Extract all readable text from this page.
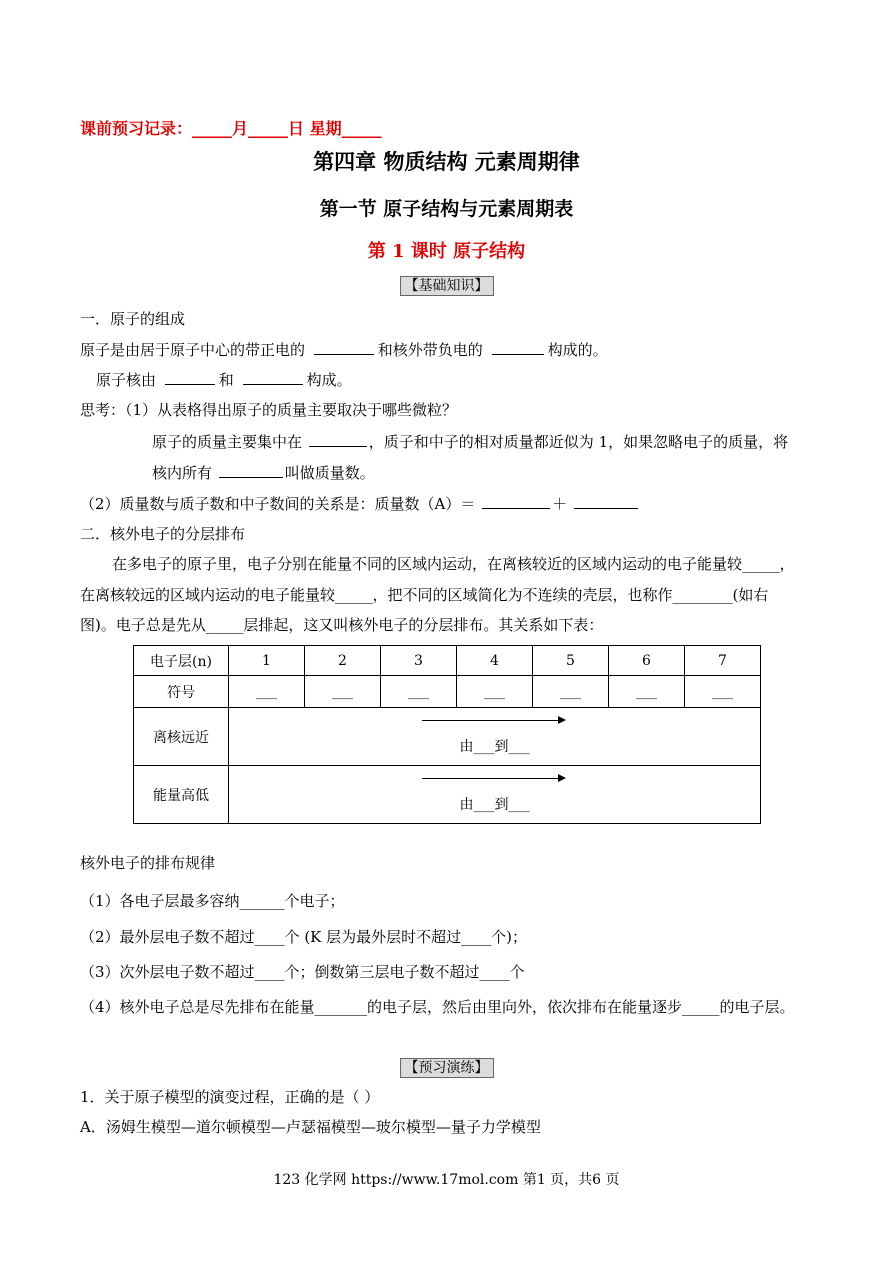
课前预习记录：_____月_____日 星期_____
第四章 物质结构 元素周期律
第一节 原子结构与元素周期表
第 1 课时 原子结构
【基础知识】
一．原子的组成
原子是由居于原子中心的带正电的	和核外带负电的	构成的。
原子核由	和	构成。
思考：（1）从表格得出原子的质量主要取决于哪些微粒？
原子的质量主要集中在	，质子和中子的相对质量都近似为 1，如果忽略电子的质量，将
核内所有	叫做质量数。
（2）质量数与质子数和中子数间的关系是：质量数（A）＝	＋
二．核外电子的分层排布
在多电子的原子里，电子分别在能量不同的区域内运动，在离核较近的区域内运动的电子能量较_____，
在离核较远的区域内运动的电子能量较_____，把不同的区域简化为不连续的壳层，也称作________(如右
图)。电子总是先从_____层排起，这又叫核外电子的分层排布。其关系如下表：
电子层(n)	1	2	3	4	5	6	7
符号	___	___	___	___	___	___	___
离核远近	由___到___						

能量高低	由___到___						
核外电子的排布规律
（1）各电子层最多容纳______个电子；
（2）最外层电子数不超过____个 (K 层为最外层时不超过____个)；
（3）次外层电子数不超过____个；倒数第三层电子数不超过____个
（4）核外电子总是尽先排布在能量_______的电子层，然后由里向外，依次排布在能量逐步_____的电子层。
【预习演练】
1．关于原子模型的演变过程，正确的是（ ）
A．汤姆生模型—道尔顿模型—卢瑟福模型—玻尔模型—量子力学模型
123 化学网 https://www.17mol.com 第1 页，共6 页
